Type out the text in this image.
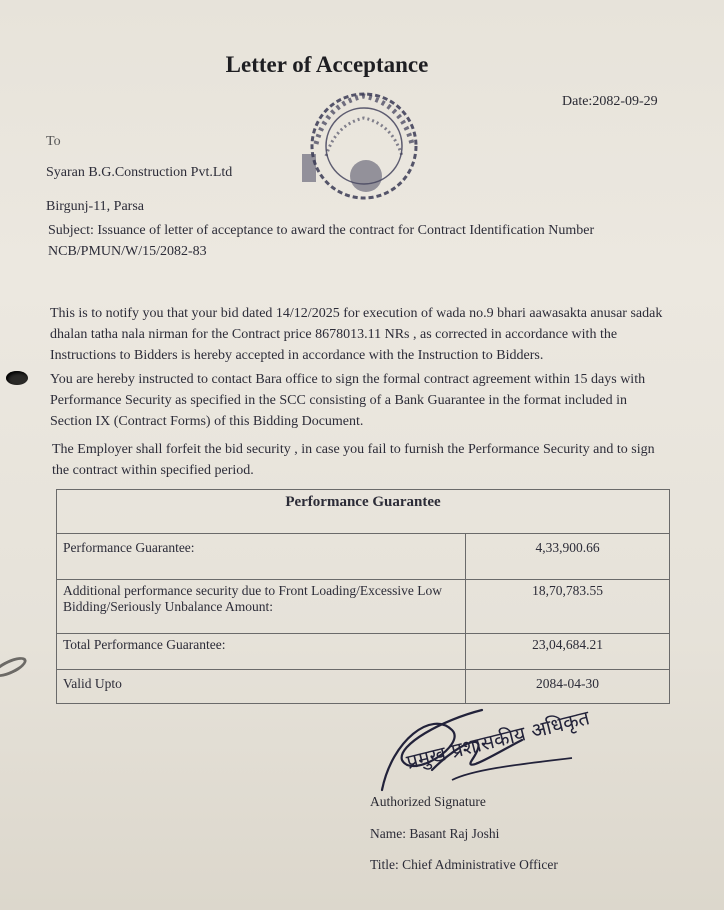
Letter of Acceptance
Date:2082-09-29
To
Syaran B.G.Construction Pvt.Ltd
Birgunj-11, Parsa
Subject: Issuance of letter of acceptance to award the contract for Contract Identification Number NCB/PMUN/W/15/2082-83
This is to notify you that your bid dated 14/12/2025 for execution of wada no.9 bhari aawasakta anusar sadak dhalan tatha nala nirman for the Contract price 8678013.11 NRs , as corrected in accordance with the Instructions to Bidders is hereby accepted in accordance with the Instruction to Bidders.
You are hereby instructed to contact Bara office to sign the formal contract agreement within 15 days with Performance Security as specified in the SCC consisting of a Bank Guarantee in the format included in Section IX (Contract Forms) of this Bidding Document.
The Employer shall forfeit the bid security , in case you fail to furnish the Performance Security and to sign the contract within specified period.
Performance Guarantee	
Performance Guarantee:	4,33,900.66
Additional performance security due to Front Loading/Excessive Low Bidding/Seriously Unbalance Amount:	18,70,783.55
Total Performance Guarantee:	23,04,684.21
Valid Upto	2084-04-30
प्रमुख प्रशासकीय अधिकृत
Authorized Signature
Name: Basant Raj Joshi
Title: Chief Administrative Officer
